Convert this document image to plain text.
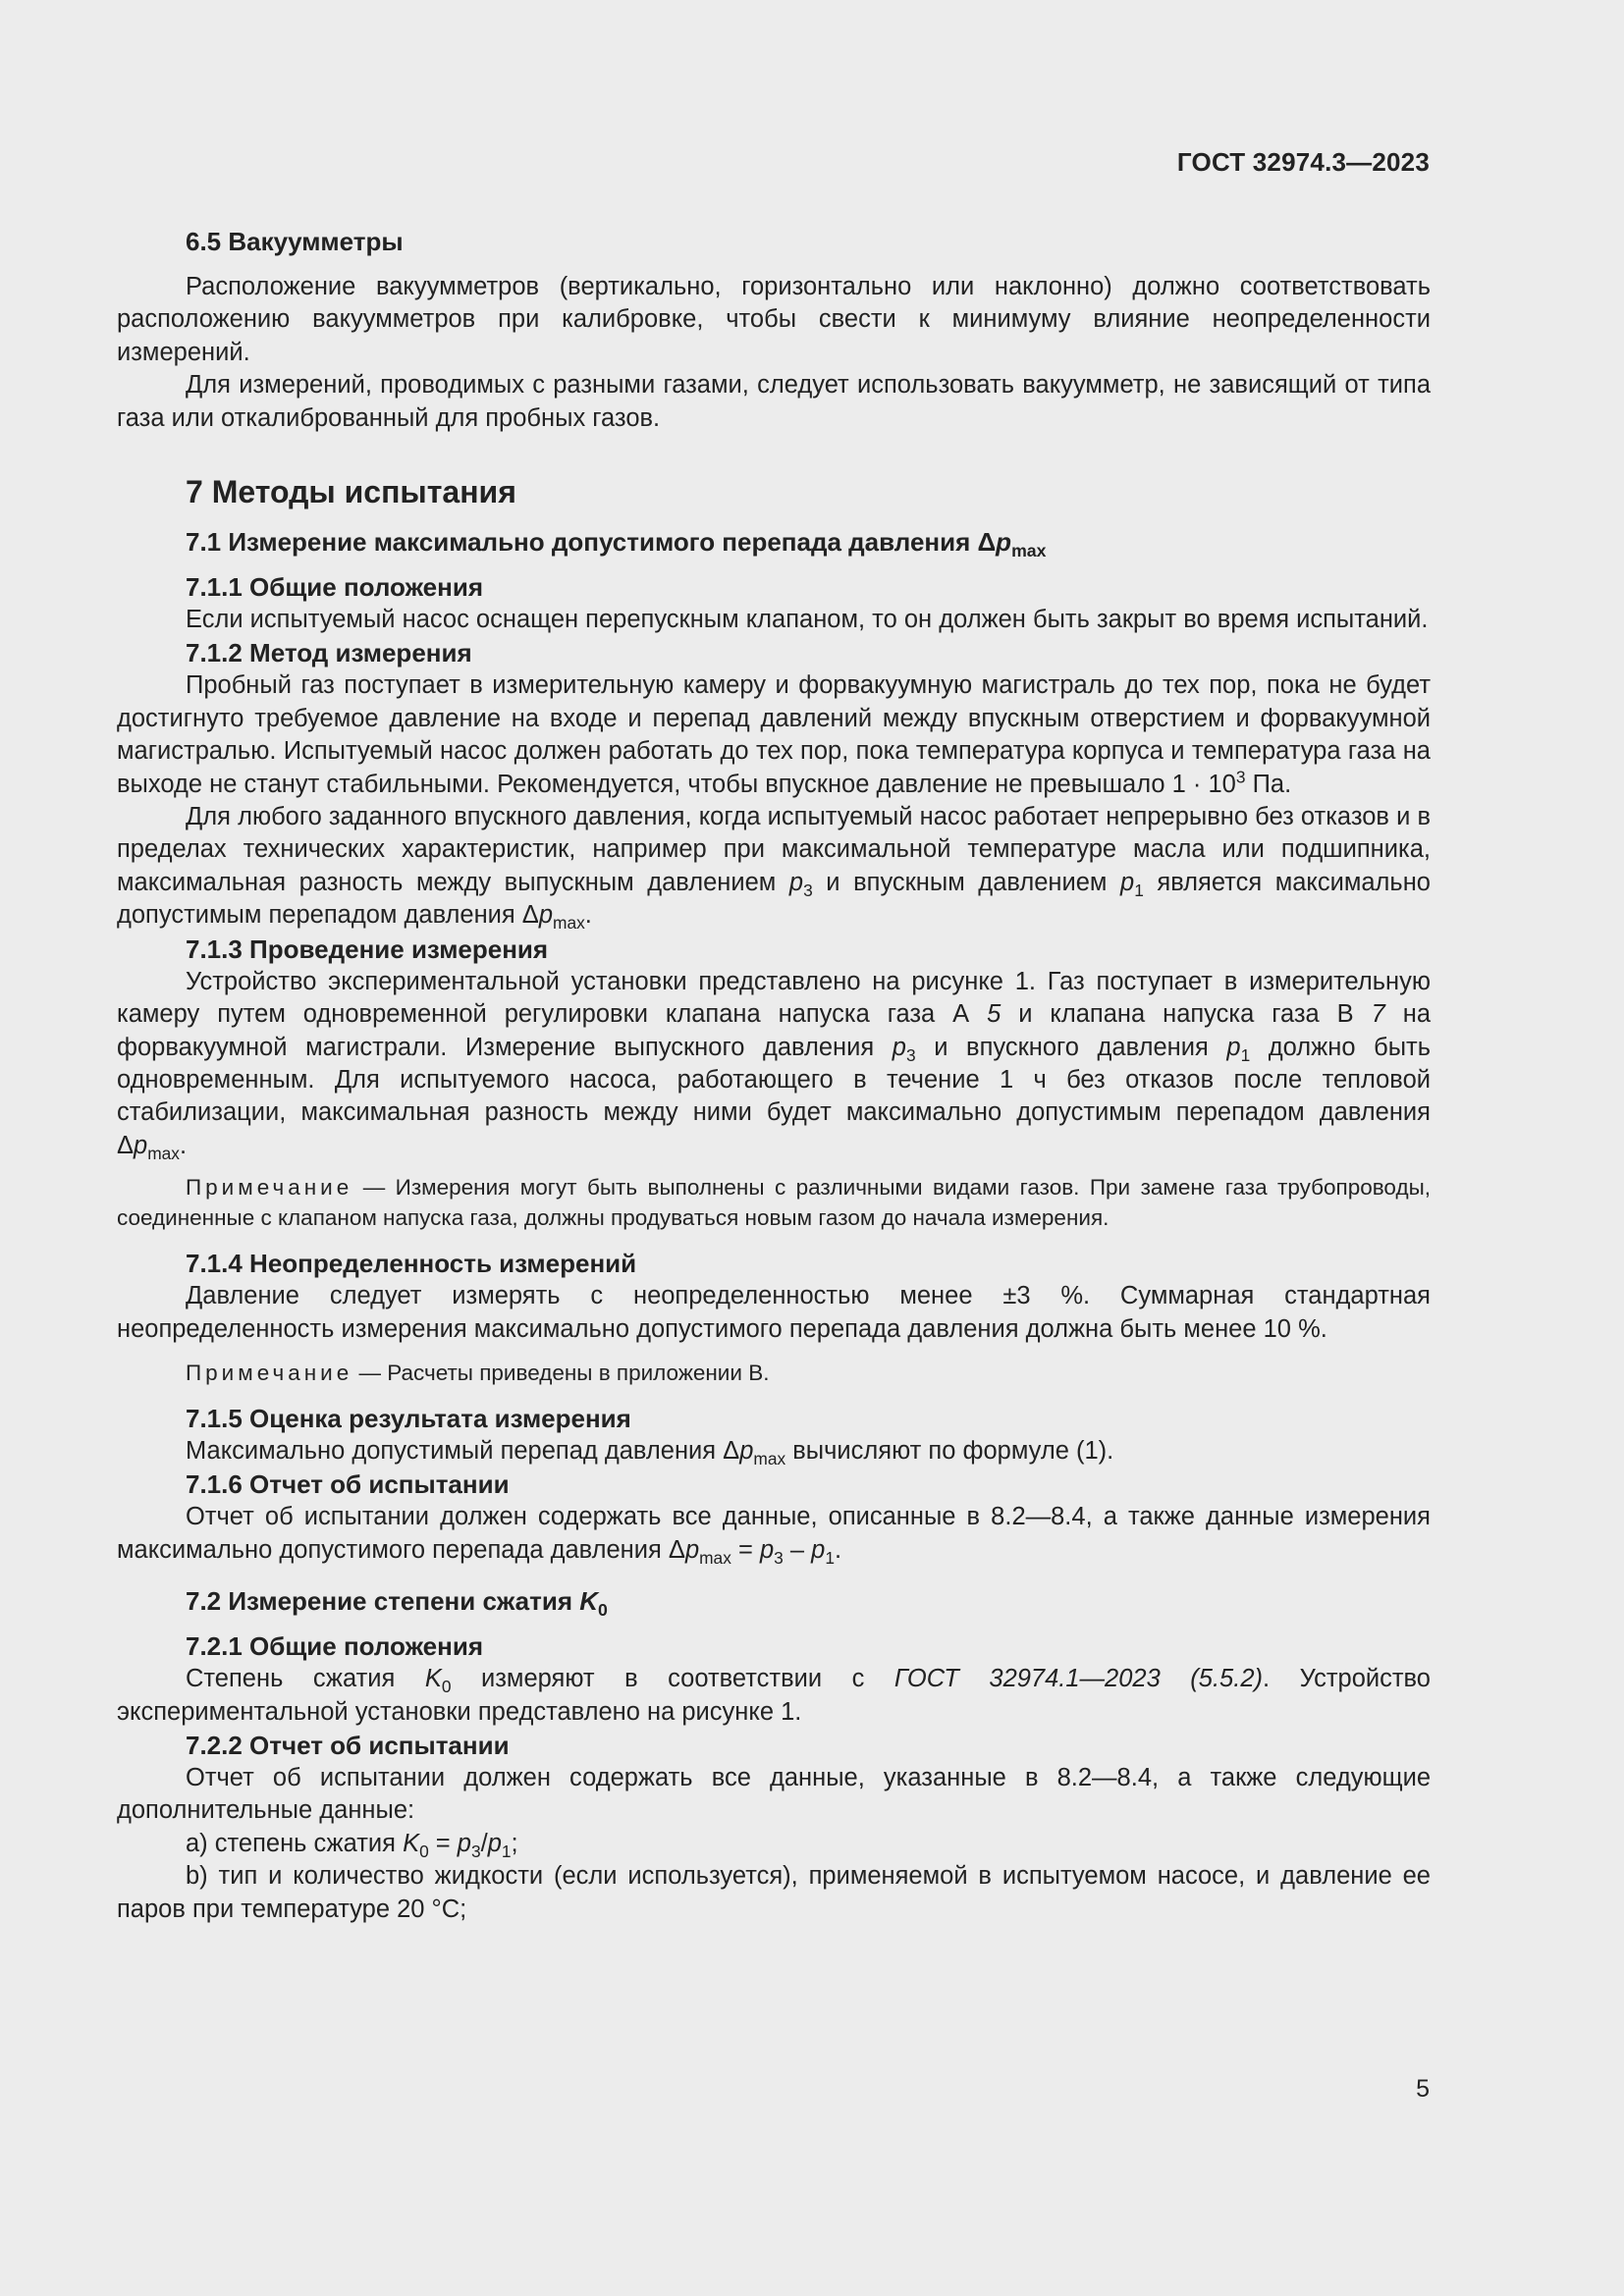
ГОСТ 32974.3—2023
6.5 Вакуумметры

Расположение вакуумметров (вертикально, горизонтально или наклонно) должно соответствовать расположению вакуумметров при калибровке, чтобы свести к минимуму влияние неопределенности измерений.

Для измерений, проводимых с разными газами, следует использовать вакуумметр, не зависящий от типа газа или откалиброванный для пробных газов.

7 Методы испытания
7.1 Измерение максимально допустимого перепада давления $\Delta p_{max}$
7.1.1 Общие положения

Если испытуемый насос оснащен перепускным клапаном, то он должен быть закрыт во время испытаний.

7.1.2 Метод измерения

Пробный газ поступает в измерительную камеру и форвакуумную магистраль до тех пор, пока не будет достигнуто требуемое давление на входе и перепад давлений между впускным отверстием и форвакуумной магистралью. Испытуемый насос должен работать до тех пор, пока температура корпуса и температура газа на выходе не станут стабильными. Рекомендуется, чтобы впускное давление не превышало $1 \cdot 10^3$ Па.

Для любого заданного впускного давления, когда испытуемый насос работает непрерывно без отказов и в пределах технических характеристик, например при максимальной температуре масла или подшипника, максимальная разность между выпускным давлением $p_3$ и впускным давлением $p_1$ является максимально допустимым перепадом давления $\Delta p_{max}$.

7.1.3 Проведение измерения

Устройство экспериментальной установки представлено на рисунке 1. Газ поступает в измерительную камеру путем одновременной регулировки клапана напуска газа А 5 и клапана напуска газа В 7 на форвакуумной магистрали. Измерение выпускного давления $p_3$ и впускного давления $p_1$ должно быть одновременным. Для испытуемого насоса, работающего в течение 1 ч без отказов после тепловой стабилизации, максимальная разность между ними будет максимально допустимым перепадом давления $\Delta p_{max}$.

Примечание — Измерения могут быть выполнены с различными видами газов. При замене газа трубопроводы, соединенные с клапаном напуска газа, должны продуваться новым газом до начала измерения.

7.1.4 Неопределенность измерений

Давление следует измерять с неопределенностью менее ±3 %. Суммарная стандартная неопределенность измерения максимально допустимого перепада давления должна быть менее 10 %.

Примечание — Расчеты приведены в приложении В.

7.1.5 Оценка результата измерения

Максимально допустимый перепад давления $\Delta p_{max}$ вычисляют по формуле (1).

7.1.6 Отчет об испытании

Отчет об испытании должен содержать все данные, описанные в 8.2—8.4, а также данные измерения максимально допустимого перепада давления $\Delta p_{max} = p_3 - p_1$.

7.2 Измерение степени сжатия $K_0$
7.2.1 Общие положения

Степень сжатия $K_0$ измеряют в соответствии с ГОСТ 32974.1—2023 (5.5.2). Устройство экспериментальной установки представлено на рисунке 1.

7.2.2 Отчет об испытании

Отчет об испытании должен содержать все данные, указанные в 8.2—8.4, а также следующие дополнительные данные:

a) степень сжатия $K_0 = p_3/p_1$;

b) тип и количество жидкости (если используется), применяемой в испытуемом насосе, и давление ее паров при температуре 20 °C;

5
